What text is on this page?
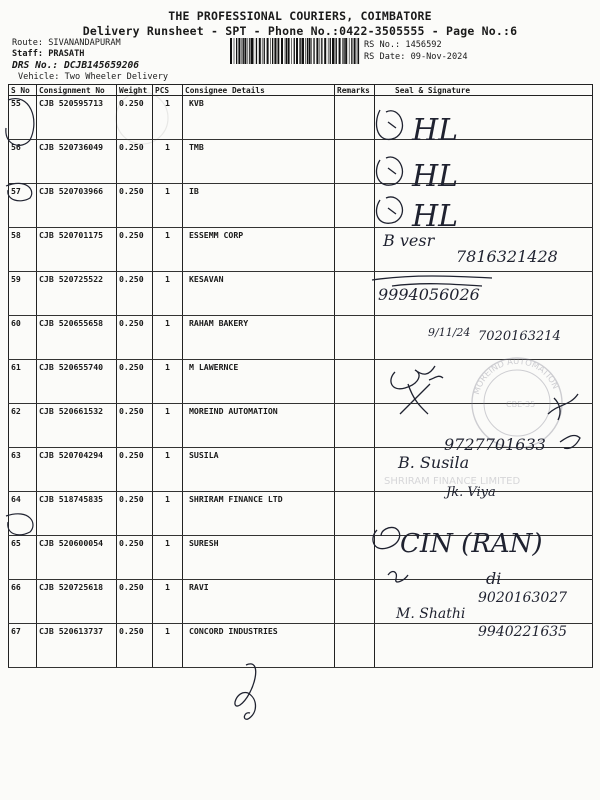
THE PROFESSIONAL COURIERS, COIMBATORE
Delivery Runsheet - SPT - Phone No.:0422-3505555 - Page No.:6
Route: SIVANANDAPURAM
Staff: PRASATH
DRS No.: DCJB145659206
Vehicle: Two Wheeler Delivery
RS No.: 1456592
RS Date: 09-Nov-2024
S No	Consignment No	Weight	PCS	Consignee Details	Remarks	Seal & Signature
55	CJB 520595713	0.250	1	KVB		
56	CJB 520736049	0.250	1	TMB		
57	CJB 520703966	0.250	1	IB		
58	CJB 520701175	0.250	1	ESSEMM CORP		
59	CJB 520725522	0.250	1	KESAVAN		
60	CJB 520655658	0.250	1	RAHAM BAKERY		
61	CJB 520655740	0.250	1	M LAWERNCE		
62	CJB 520661532	0.250	1	MOREIND AUTOMATION		
63	CJB 520704294	0.250	1	SUSILA		
64	CJB 518745835	0.250	1	SHRIRAM FINANCE LTD		
65	CJB 520600054	0.250	1	SURESH		
66	CJB 520725618	0.250	1	RAVI		
67	CJB 520613737	0.250	1	CONCORD INDUSTRIES		
MOREIND AUTOMATION
CBE-35
SHRIRAM FINANCE LIMITED
HL
HL
HL
B vesr
7816321428
9994056026
9/11/24 7020163214
9727701633
B. Susila
Jk. Viya
CIN (RAN)
di
9020163027
M. Shathi
9940221635
